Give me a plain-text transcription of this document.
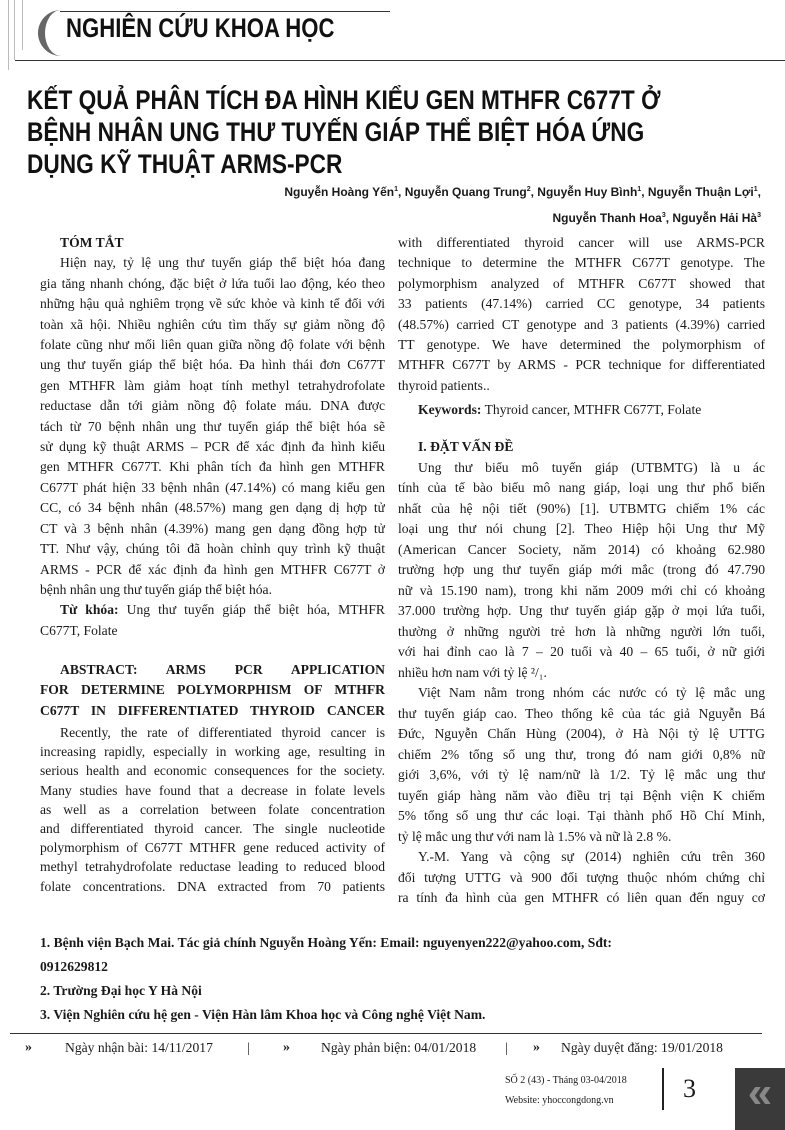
NGHIÊN CỨU KHOA HỌC
KẾT QUẢ PHÂN TÍCH ĐA HÌNH KIỂU GEN MTHFR C677T Ở
BỆNH NHÂN UNG THƯ TUYẾN GIÁP THỂ BIỆT HÓA ỨNG
DỤNG KỸ THUẬT ARMS-PCR
Nguyễn Hoàng Yến$^1$, Nguyễn Quang Trung$^2$, Nguyễn Huy Bình$^1$, Nguyễn Thuận Lợi$^1$,
Nguyễn Thanh Hoa$^3$, Nguyễn Hải $Hà^3$
TÓM TẮT
Hiện nay, tỷ lệ ung thư tuyến giáp thể biệt hóa đang
gia tăng nhanh chóng, đặc biệt ở lứa tuổi lao động, kéo theo
những hậu quả nghiêm trọng về sức khỏe và kinh tế đối với
toàn xã hội. Nhiều nghiên cứu tìm thấy sự giảm nồng độ
folate cũng như mối liên quan giữa nồng độ folate với bệnh
ung thư tuyến giáp thể biệt hóa. Đa hình thái đơn C677T
gen MTHFR làm giảm hoạt tính methyl tetrahydrofolate
reductase dẫn tới giảm nồng độ folate máu. DNA được
tách từ 70 bệnh nhân ung thư tuyến giáp thể biệt hóa sẽ
sử dụng kỹ thuật ARMS – PCR để xác định đa hình kiểu
gen MTHFR C677T. Khi phân tích đa hình gen MTHFR
C677T phát hiện 33 bệnh nhân (47.14%) có mang kiểu gen
CC, có 34 bệnh nhân (48.57%) mang gen dạng dị hợp tử
CT và 3 bệnh nhân (4.39%) mang gen dạng đồng hợp tử
TT. Như vậy, chúng tôi đã hoàn chỉnh quy trình kỹ thuật
ARMS - PCR để xác định đa hình gen MTHFR C677T ở
bệnh nhân ung thư tuyến giáp thể biệt hóa.
Từ khóa: Ung thư tuyến giáp thể biệt hóa, MTHFR
C677T, Folate
ABSTRACT: ARMS PCR APPLICATION
FOR DETERMINE POLYMORPHISM OF MTHFR
C677T IN DIFFERENTIATED THYROID CANCER
Recently, the rate of differentiated thyroid cancer is
increasing rapidly, especially in working age, resulting in
serious health and economic consequences for the society.
Many studies have found that a decrease in folate levels
as well as a correlation between folate concentration
and differentiated thyroid cancer. The single nucleotide
polymorphism of C677T MTHFR gene reduced activity of
methyl tetrahydrofolate reductase leading to reduced blood
folate concentrations. DNA extracted from 70 patients
with differentiated thyroid cancer will use ARMS-PCR
technique to determine the MTHFR C677T genotype. The
polymorphism analyzed of MTHFR C677T showed that
33 patients (47.14%) carried CC genotype, 34 patients
(48.57%) carried CT genotype and 3 patients (4.39%) carried
TT genotype. We have determined the polymorphism of
MTHFR C677T by ARMS - PCR technique for differentiated
thyroid patients..
Keywords: Thyroid cancer, MTHFR C677T, Folate
I. ĐẶT VẤN ĐỀ
Ung thư biểu mô tuyến giáp (UTBMTG) là u ác
tính của tế bào biểu mô nang giáp, loại ung thư phổ biến
nhất của hệ nội tiết (90%) [1]. UTBMTG chiếm 1% các
loại ung thư nói chung [2]. Theo Hiệp hội Ung thư Mỹ
(American Cancer Society, năm 2014) có khoảng 62.980
trường hợp ung thư tuyến giáp mới mắc (trong đó 47.790
nữ và 15.190 nam), trong khi năm 2009 mới chỉ có khoảng
37.000 trường hợp. Ung thư tuyến giáp gặp ở mọi lứa tuổi,
thường ở những người trẻ hơn là những người lớn tuổi,
với hai đỉnh cao là 7 – 20 tuổi và 40 – 65 tuổi, ở nữ giới
nhiều hơn nam với tỷ lệ ²/₁.
Việt Nam nằm trong nhóm các nước có tỷ lệ mắc ung
thư tuyến giáp cao. Theo thống kê của tác giả Nguyễn Bá
Đức, Nguyễn Chấn Hùng (2004), ở Hà Nội tỷ lệ UTTG
chiếm 2% tổng số ung thư, trong đó nam giới 0,8% nữ
giới 3,6%, với tỷ lệ nam/nữ là 1/2. Tỷ lệ mắc ung thư
tuyến giáp hàng năm vào điều trị tại Bệnh viện K chiếm
5% tổng số ung thư các loại. Tại thành phố Hồ Chí Minh,
tỷ lệ mắc ung thư với nam là 1.5% và nữ là 2.8 %.
Y.-M. Yang và cộng sự (2014) nghiên cứu trên 360
đối tượng UTTG và 900 đối tượng thuộc nhóm chứng chỉ
ra tính đa hình của gen MTHFR có liên quan đến nguy cơ
1. Bệnh viện Bạch Mai. Tác giả chính Nguyễn Hoàng Yến: Email: nguyenyen222@yahoo.com, Sđt:
0912629812
2. Trường Đại học Y Hà Nội
3. Viện Nghiên cứu hệ gen - Viện Hàn lâm Khoa học và Công nghệ Việt Nam.
» Ngày nhận bài: 14/11/2017	| » Ngày phản biện: 04/01/2018 | » Ngày duyệt đăng: 19/01/2018
SỐ 2 (43) - Tháng 03-04/2018
Website: yhoccongdong.vn	3 «
